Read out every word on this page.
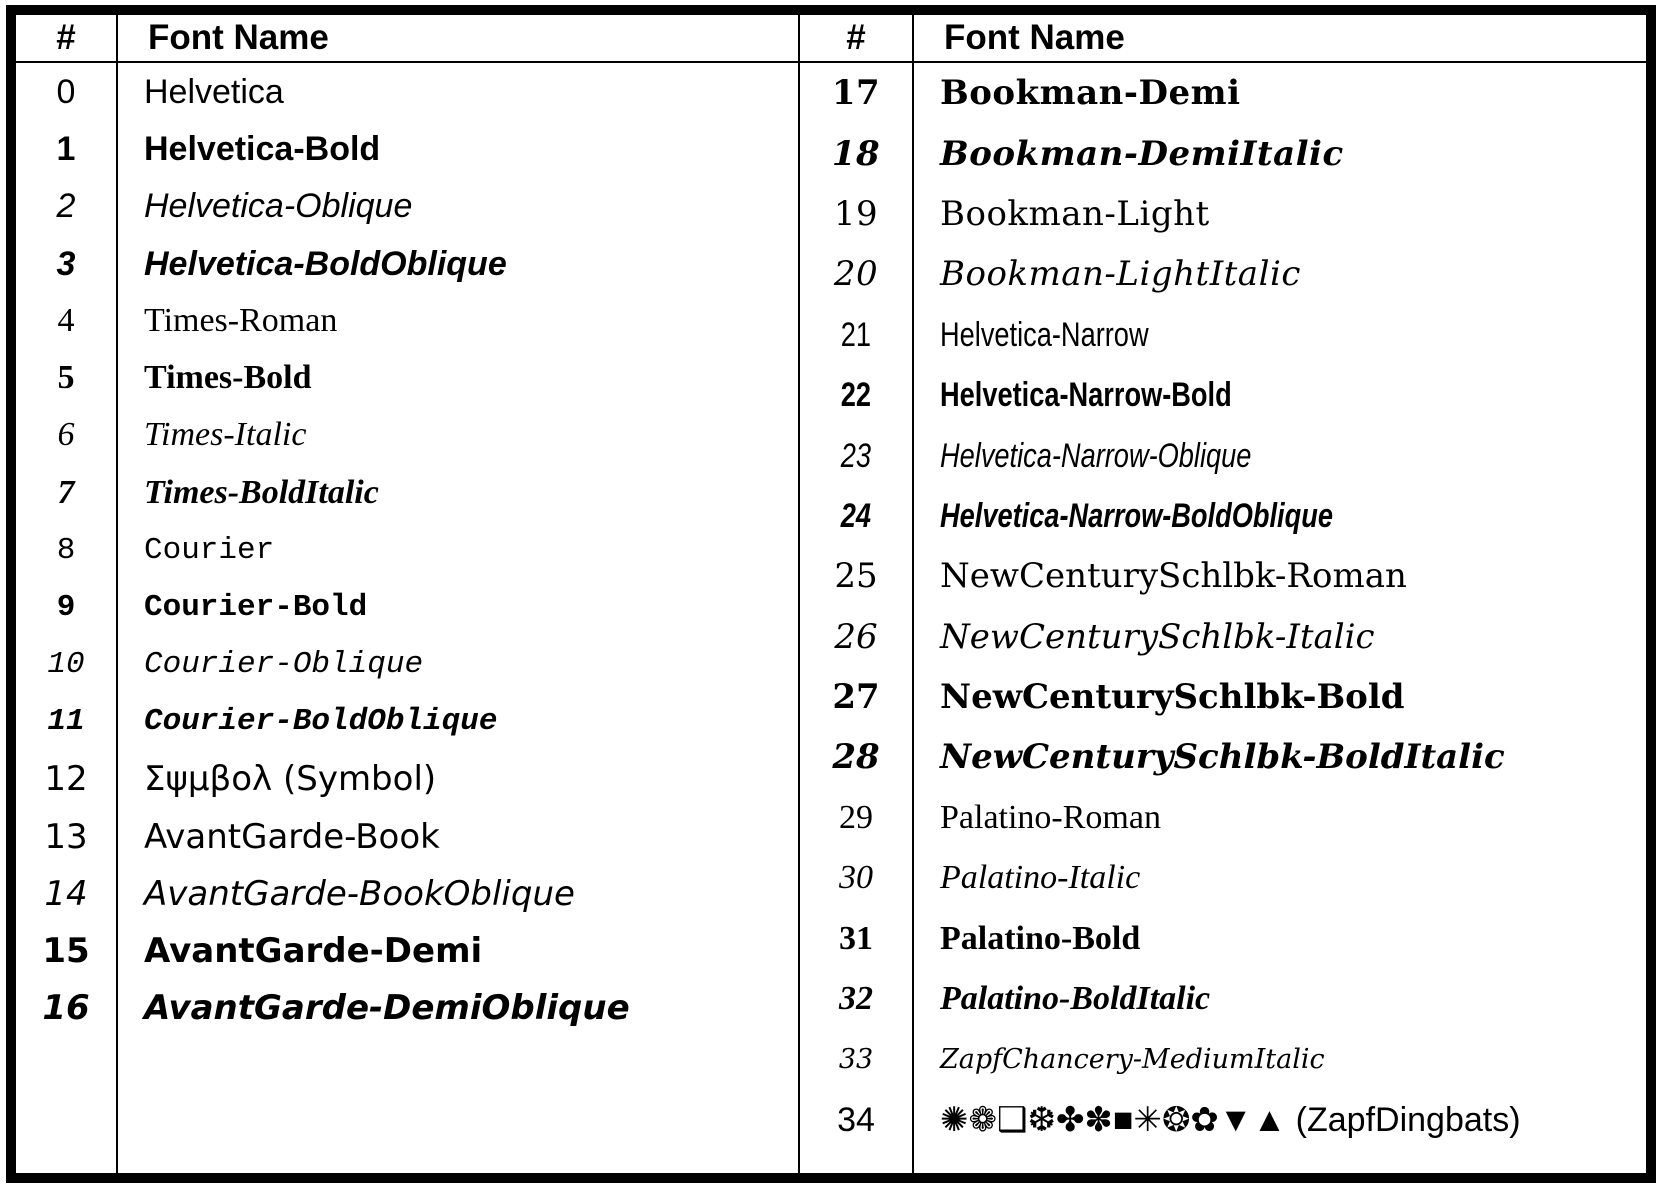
#
0
1
2
3
4
5
6
7
8
9
10
11
12
13
14
15
16
Font Name
Helvetica
Helvetica-Bold
Helvetica-Oblique
Helvetica-BoldOblique
Times-Roman
Times-Bold
Times-Italic
Times-BoldItalic
Courier
Courier-Bold
Courier-Oblique
Courier-BoldOblique
Σψμβολ (Symbol)
AvantGarde-Book
AvantGarde-BookOblique
AvantGarde-Demi
AvantGarde-DemiOblique
#
17
18
19
20
21
22
23
24
25
26
27
28
29
30
31
32
33
34
Font Name
Bookman-Demi
Bookman-DemiItalic
Bookman-Light
Bookman-LightItalic
Helvetica-Narrow
Helvetica-Narrow-Bold
Helvetica-Narrow-Oblique
Helvetica-Narrow-BoldOblique
NewCenturySchlbk-Roman
NewCenturySchlbk-Italic
NewCenturySchlbk-Bold
NewCenturySchlbk-BoldItalic
Palatino-Roman
Palatino-Italic
Palatino-Bold
Palatino-BoldItalic
ZapfChancery-MediumItalic
✺❁❑❆✤✽■✳❂✿▼▲ (ZapfDingbats)
